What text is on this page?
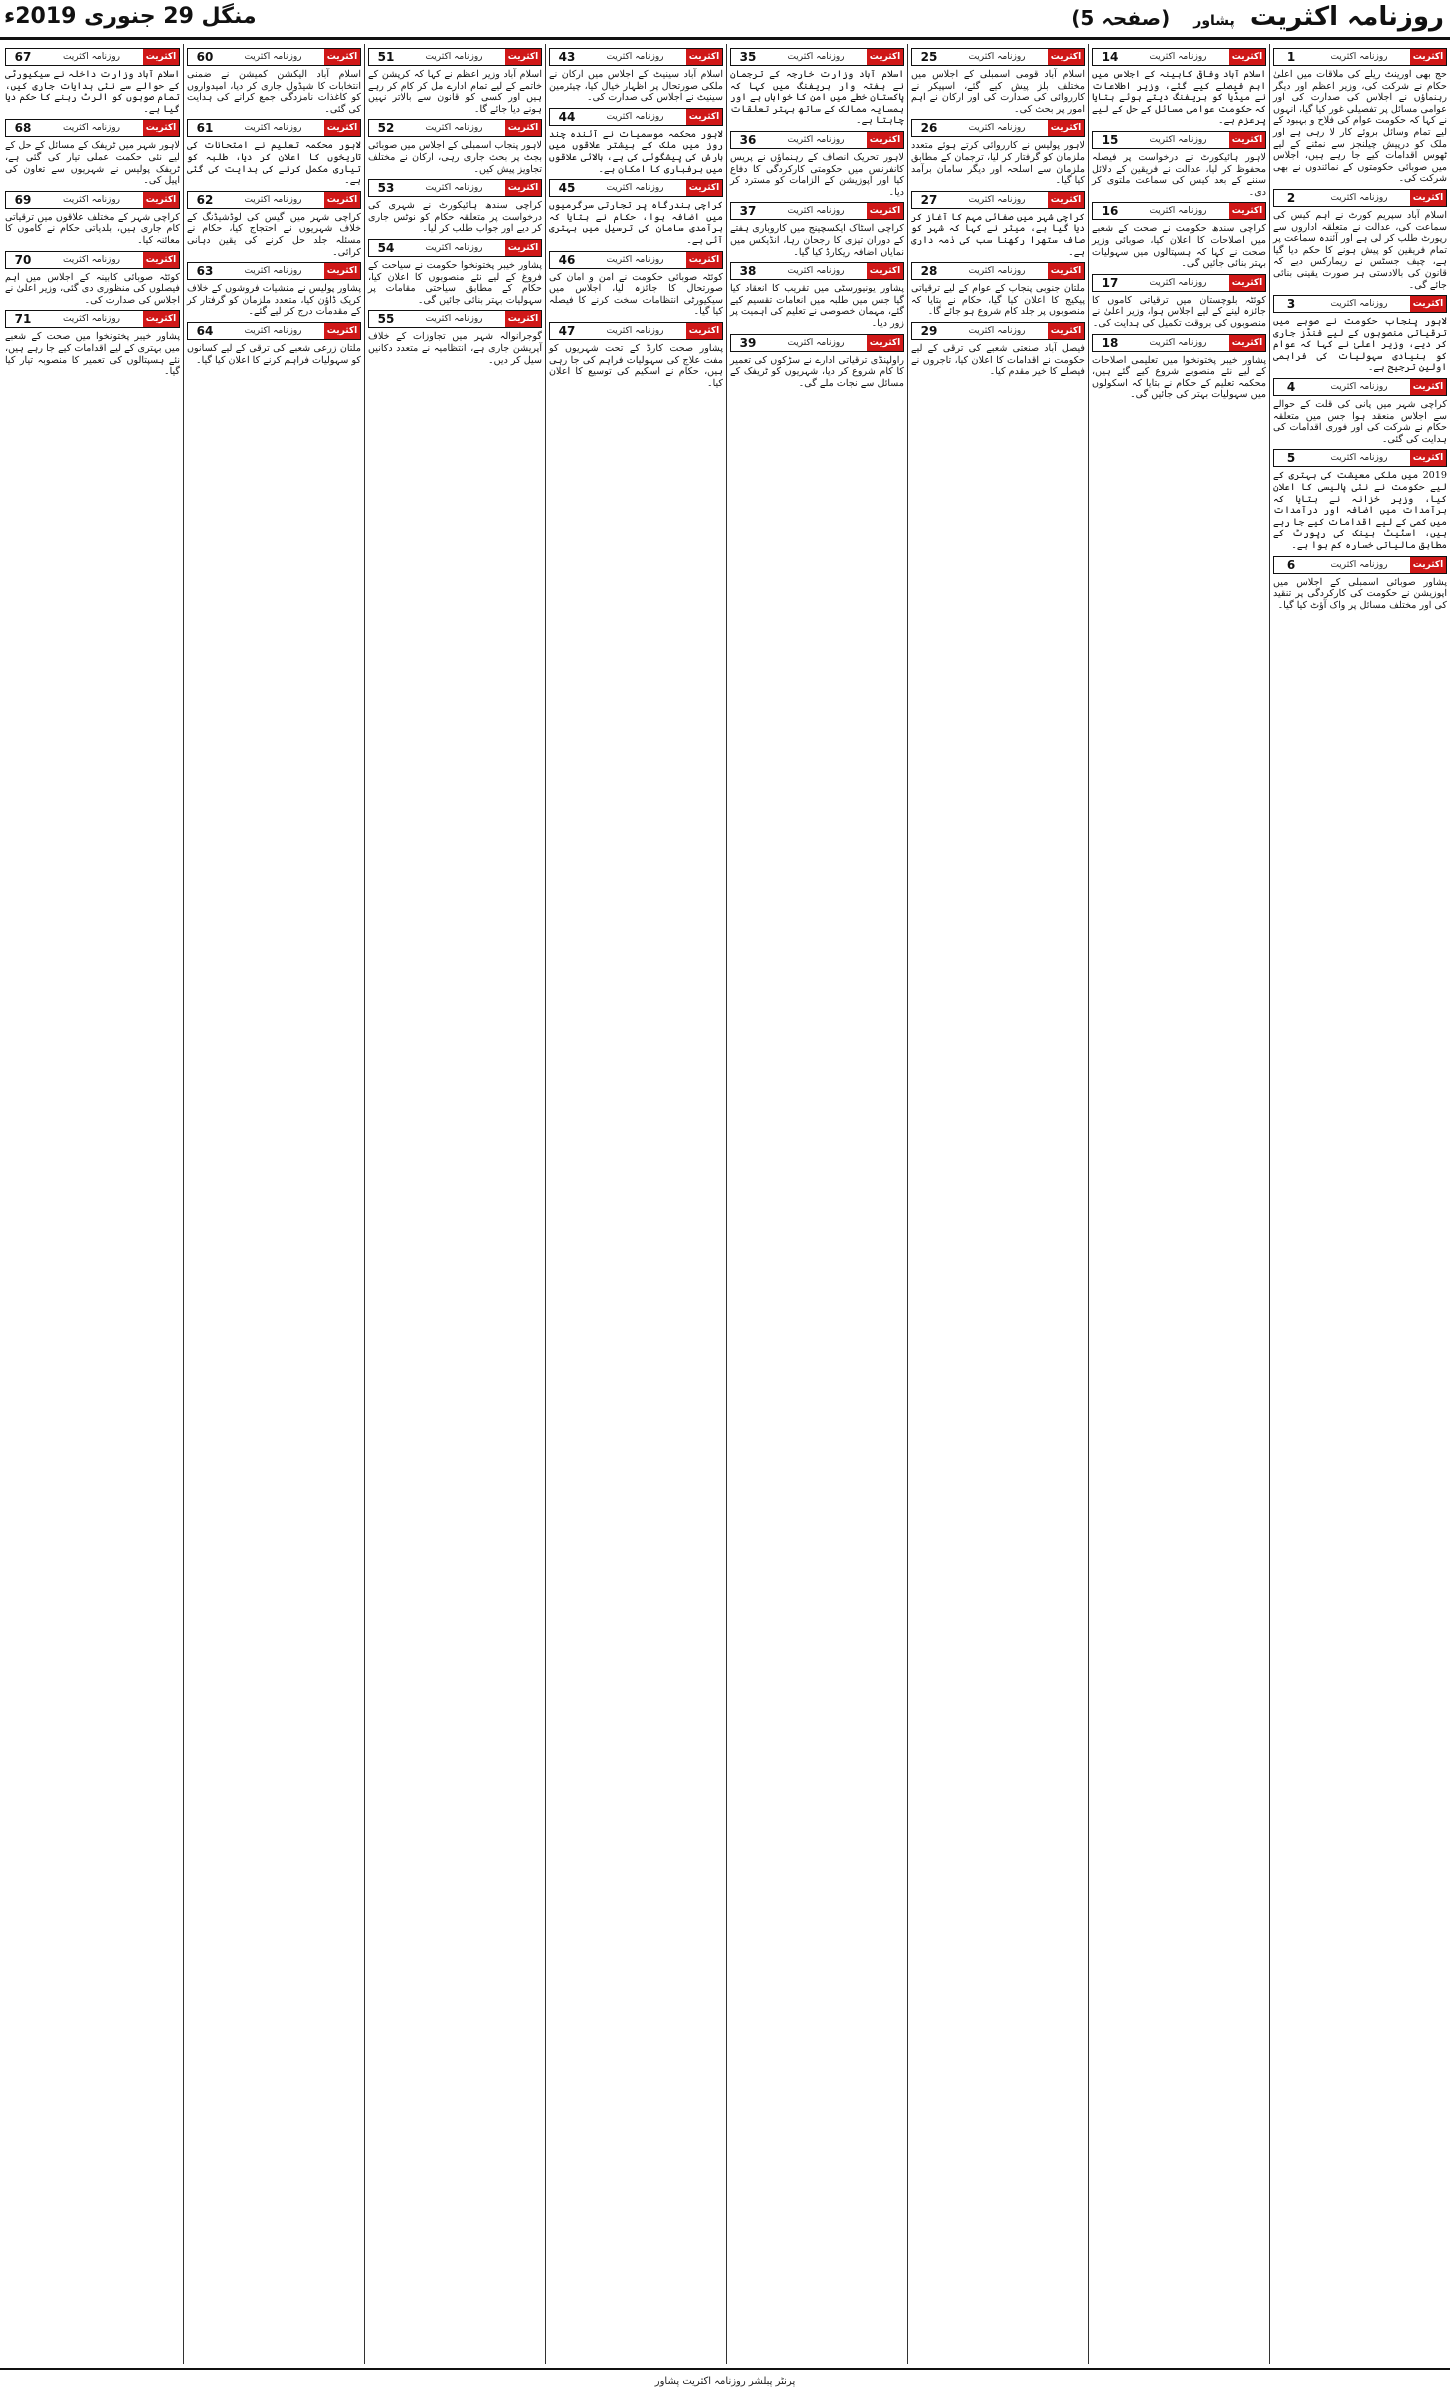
منگل 29 جنوری 2019ء	روزنامہ اکثریت پشاور (صفحہ 5)
1	روزنامہ اکثریت	اکثریت

حج بھی اورینٹ ریلے کی ملاقات میں اعلیٰ حکام نے شرکت کی، وزیر اعظم اور دیگر رہنماؤں نے اجلاس کی صدارت کی اور عوامی مسائل پر تفصیلی غور کیا گیا، انہوں نے کہا کہ حکومت عوام کی فلاح و بہبود کے لیے تمام وسائل بروئے کار لا رہی ہے اور ملک کو درپیش چیلنجز سے نمٹنے کے لیے ٹھوس اقدامات کیے جا رہے ہیں، اجلاس میں صوبائی حکومتوں کے نمائندوں نے بھی شرکت کی۔

2	روزنامہ اکثریت	اکثریت

اسلام آباد سپریم کورٹ نے اہم کیس کی سماعت کی، عدالت نے متعلقہ اداروں سے رپورٹ طلب کر لی ہے اور آئندہ سماعت پر تمام فریقین کو پیش ہونے کا حکم دیا گیا ہے، چیف جسٹس نے ریمارکس دیے کہ قانون کی بالادستی ہر صورت یقینی بنائی جائے گی۔

3	روزنامہ اکثریت	اکثریت

لاہور پنجاب حکومت نے صوبے میں ترقیاتی منصوبوں کے لیے فنڈز جاری کر دیے، وزیر اعلیٰ نے کہا کہ عوام کو بنیادی سہولیات کی فراہمی اولین ترجیح ہے۔

4	روزنامہ اکثریت	اکثریت

کراچی شہر میں پانی کی قلت کے حوالے سے اجلاس منعقد ہوا جس میں متعلقہ حکام نے شرکت کی اور فوری اقدامات کی ہدایت کی گئی۔

5	روزنامہ اکثریت	اکثریت

2019 میں ملکی معیشت کی بہتری کے لیے حکومت نے نئی پالیسی کا اعلان کیا، وزیر خزانہ نے بتایا کہ برآمدات میں اضافہ اور درآمدات میں کمی کے لیے اقدامات کیے جا رہے ہیں، اسٹیٹ بینک کی رپورٹ کے مطابق مالیاتی خسارہ کم ہوا ہے۔

6	روزنامہ اکثریت	اکثریت

پشاور صوبائی اسمبلی کے اجلاس میں اپوزیشن نے حکومت کی کارکردگی پر تنقید کی اور مختلف مسائل پر واک آؤٹ کیا گیا۔

14	روزنامہ اکثریت	اکثریت

اسلام آباد وفاقی کابینہ کے اجلاس میں اہم فیصلے کیے گئے، وزیر اطلاعات نے میڈیا کو بریفنگ دیتے ہوئے بتایا کہ حکومت عوامی مسائل کے حل کے لیے پرعزم ہے۔

15	روزنامہ اکثریت	اکثریت

لاہور ہائیکورٹ نے درخواست پر فیصلہ محفوظ کر لیا، عدالت نے فریقین کے دلائل سننے کے بعد کیس کی سماعت ملتوی کر دی۔

16	روزنامہ اکثریت	اکثریت

کراچی سندھ حکومت نے صحت کے شعبے میں اصلاحات کا اعلان کیا، صوبائی وزیر صحت نے کہا کہ ہسپتالوں میں سہولیات بہتر بنائی جائیں گی۔

17	روزنامہ اکثریت	اکثریت

کوئٹہ بلوچستان میں ترقیاتی کاموں کا جائزہ لینے کے لیے اجلاس ہوا، وزیر اعلیٰ نے منصوبوں کی بروقت تکمیل کی ہدایت کی۔

18	روزنامہ اکثریت	اکثریت

پشاور خیبر پختونخوا میں تعلیمی اصلاحات کے لیے نئے منصوبے شروع کیے گئے ہیں، محکمہ تعلیم کے حکام نے بتایا کہ اسکولوں میں سہولیات بہتر کی جائیں گی۔

25	روزنامہ اکثریت	اکثریت

اسلام آباد قومی اسمبلی کے اجلاس میں مختلف بلز پیش کیے گئے، اسپیکر نے کارروائی کی صدارت کی اور ارکان نے اہم امور پر بحث کی۔

26	روزنامہ اکثریت	اکثریت

لاہور پولیس نے کارروائی کرتے ہوئے متعدد ملزمان کو گرفتار کر لیا، ترجمان کے مطابق ملزمان سے اسلحہ اور دیگر سامان برآمد کیا گیا۔

27	روزنامہ اکثریت	اکثریت

کراچی شہر میں صفائی مہم کا آغاز کر دیا گیا ہے، میئر نے کہا کہ شہر کو صاف ستھرا رکھنا سب کی ذمہ داری ہے۔

28	روزنامہ اکثریت	اکثریت

ملتان جنوبی پنجاب کے عوام کے لیے ترقیاتی پیکیج کا اعلان کیا گیا، حکام نے بتایا کہ منصوبوں پر جلد کام شروع ہو جائے گا۔

29	روزنامہ اکثریت	اکثریت

فیصل آباد صنعتی شعبے کی ترقی کے لیے حکومت نے اقدامات کا اعلان کیا، تاجروں نے فیصلے کا خیر مقدم کیا۔

35	روزنامہ اکثریت	اکثریت

اسلام آباد وزارت خارجہ کے ترجمان نے ہفتہ وار بریفنگ میں کہا کہ پاکستان خطے میں امن کا خواہاں ہے اور ہمسایہ ممالک کے ساتھ بہتر تعلقات چاہتا ہے۔

36	روزنامہ اکثریت	اکثریت

لاہور تحریک انصاف کے رہنماؤں نے پریس کانفرنس میں حکومتی کارکردگی کا دفاع کیا اور اپوزیشن کے الزامات کو مسترد کر دیا۔

37	روزنامہ اکثریت	اکثریت

کراچی اسٹاک ایکسچینج میں کاروباری ہفتے کے دوران تیزی کا رجحان رہا، انڈیکس میں نمایاں اضافہ ریکارڈ کیا گیا۔

38	روزنامہ اکثریت	اکثریت

پشاور یونیورسٹی میں تقریب کا انعقاد کیا گیا جس میں طلبہ میں انعامات تقسیم کیے گئے، مہمان خصوصی نے تعلیم کی اہمیت پر زور دیا۔

39	روزنامہ اکثریت	اکثریت

راولپنڈی ترقیاتی ادارے نے سڑکوں کی تعمیر کا کام شروع کر دیا، شہریوں کو ٹریفک کے مسائل سے نجات ملے گی۔

43	روزنامہ اکثریت	اکثریت

اسلام آباد سینیٹ کے اجلاس میں ارکان نے ملکی صورتحال پر اظہار خیال کیا، چیئرمین سینیٹ نے اجلاس کی صدارت کی۔

44	روزنامہ اکثریت	اکثریت

لاہور محکمہ موسمیات نے آئندہ چند روز میں ملک کے بیشتر علاقوں میں بارش کی پیشگوئی کی ہے، بالائی علاقوں میں برفباری کا امکان ہے۔

45	روزنامہ اکثریت	اکثریت

کراچی بندرگاہ پر تجارتی سرگرمیوں میں اضافہ ہوا، حکام نے بتایا کہ برآمدی سامان کی ترسیل میں بہتری آئی ہے۔

46	روزنامہ اکثریت	اکثریت

کوئٹہ صوبائی حکومت نے امن و امان کی صورتحال کا جائزہ لیا، اجلاس میں سیکیورٹی انتظامات سخت کرنے کا فیصلہ کیا گیا۔

47	روزنامہ اکثریت	اکثریت

پشاور صحت کارڈ کے تحت شہریوں کو مفت علاج کی سہولیات فراہم کی جا رہی ہیں، حکام نے اسکیم کی توسیع کا اعلان کیا۔

51	روزنامہ اکثریت	اکثریت

اسلام آباد وزیر اعظم نے کہا کہ کرپشن کے خاتمے کے لیے تمام ادارے مل کر کام کر رہے ہیں اور کسی کو قانون سے بالاتر نہیں ہونے دیا جائے گا۔

52	روزنامہ اکثریت	اکثریت

لاہور پنجاب اسمبلی کے اجلاس میں صوبائی بجٹ پر بحث جاری رہی، ارکان نے مختلف تجاویز پیش کیں۔

53	روزنامہ اکثریت	اکثریت

کراچی سندھ ہائیکورٹ نے شہری کی درخواست پر متعلقہ حکام کو نوٹس جاری کر دیے اور جواب طلب کر لیا۔

54	روزنامہ اکثریت	اکثریت

پشاور خیبر پختونخوا حکومت نے سیاحت کے فروغ کے لیے نئے منصوبوں کا اعلان کیا، حکام کے مطابق سیاحتی مقامات پر سہولیات بہتر بنائی جائیں گی۔

55	روزنامہ اکثریت	اکثریت

گوجرانوالہ شہر میں تجاوزات کے خلاف آپریشن جاری ہے، انتظامیہ نے متعدد دکانیں سیل کر دیں۔

60	روزنامہ اکثریت	اکثریت

اسلام آباد الیکشن کمیشن نے ضمنی انتخابات کا شیڈول جاری کر دیا، امیدواروں کو کاغذات نامزدگی جمع کرانے کی ہدایت کی گئی۔

61	روزنامہ اکثریت	اکثریت

لاہور محکمہ تعلیم نے امتحانات کی تاریخوں کا اعلان کر دیا، طلبہ کو تیاری مکمل کرنے کی ہدایت کی گئی ہے۔

62	روزنامہ اکثریت	اکثریت

کراچی شہر میں گیس کی لوڈشیڈنگ کے خلاف شہریوں نے احتجاج کیا، حکام نے مسئلہ جلد حل کرنے کی یقین دہانی کرائی۔

63	روزنامہ اکثریت	اکثریت

پشاور پولیس نے منشیات فروشوں کے خلاف کریک ڈاؤن کیا، متعدد ملزمان کو گرفتار کر کے مقدمات درج کر لیے گئے۔

64	روزنامہ اکثریت	اکثریت

ملتان زرعی شعبے کی ترقی کے لیے کسانوں کو سہولیات فراہم کرنے کا اعلان کیا گیا۔

67	روزنامہ اکثریت	اکثریت

اسلام آباد وزارت داخلہ نے سیکیورٹی کے حوالے سے نئی ہدایات جاری کیں، تمام صوبوں کو الرٹ رہنے کا حکم دیا گیا ہے۔

68	روزنامہ اکثریت	اکثریت

لاہور شہر میں ٹریفک کے مسائل کے حل کے لیے نئی حکمت عملی تیار کی گئی ہے، ٹریفک پولیس نے شہریوں سے تعاون کی اپیل کی۔

69	روزنامہ اکثریت	اکثریت

کراچی شہر کے مختلف علاقوں میں ترقیاتی کام جاری ہیں، بلدیاتی حکام نے کاموں کا معائنہ کیا۔

70	روزنامہ اکثریت	اکثریت

کوئٹہ صوبائی کابینہ کے اجلاس میں اہم فیصلوں کی منظوری دی گئی، وزیر اعلیٰ نے اجلاس کی صدارت کی۔

71	روزنامہ اکثریت	اکثریت

پشاور خیبر پختونخوا میں صحت کے شعبے میں بہتری کے لیے اقدامات کیے جا رہے ہیں، نئے ہسپتالوں کی تعمیر کا منصوبہ تیار کیا گیا۔

پرنٹر پبلشر روزنامہ اکثریت پشاور
